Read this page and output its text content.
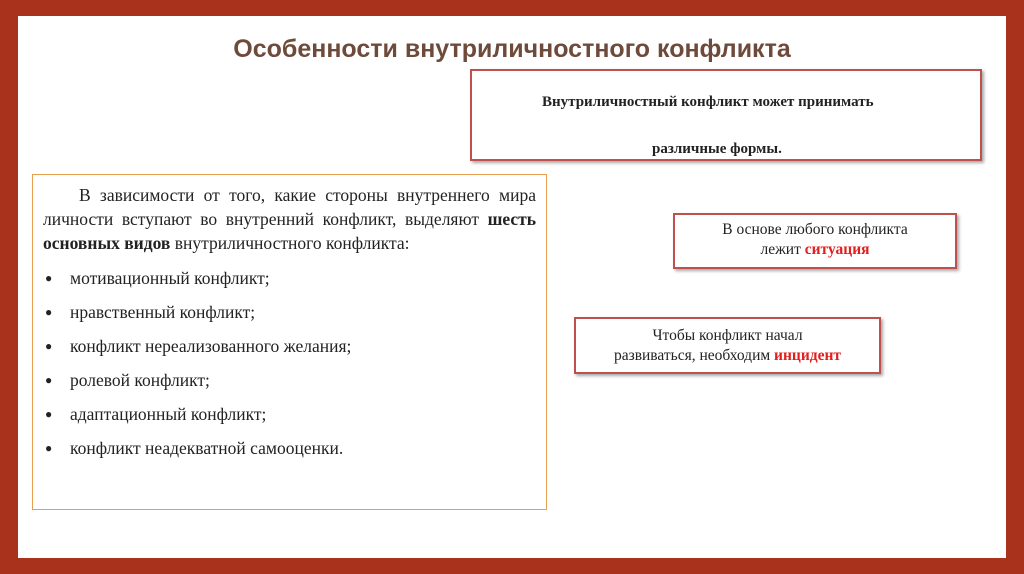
Особенности внутриличностного конфликта
Внутриличностный конфликт может принимать
различные формы.

В зависимости от того, какие стороны внутреннего мира личности вступают во внутренний конфликт, выделяют шесть основных видов внутриличностного конфликта:

● мотивационный конфликт;
● нравственный конфликт;
● конфликт нереализованного желания;
● ролевой конфликт;
● адаптационный конфликт;
● конфликт неадекватной самооценки.
В основе любого конфликта
лежит ситуация
Чтобы конфликт начал
развиваться, необходим инцидент
